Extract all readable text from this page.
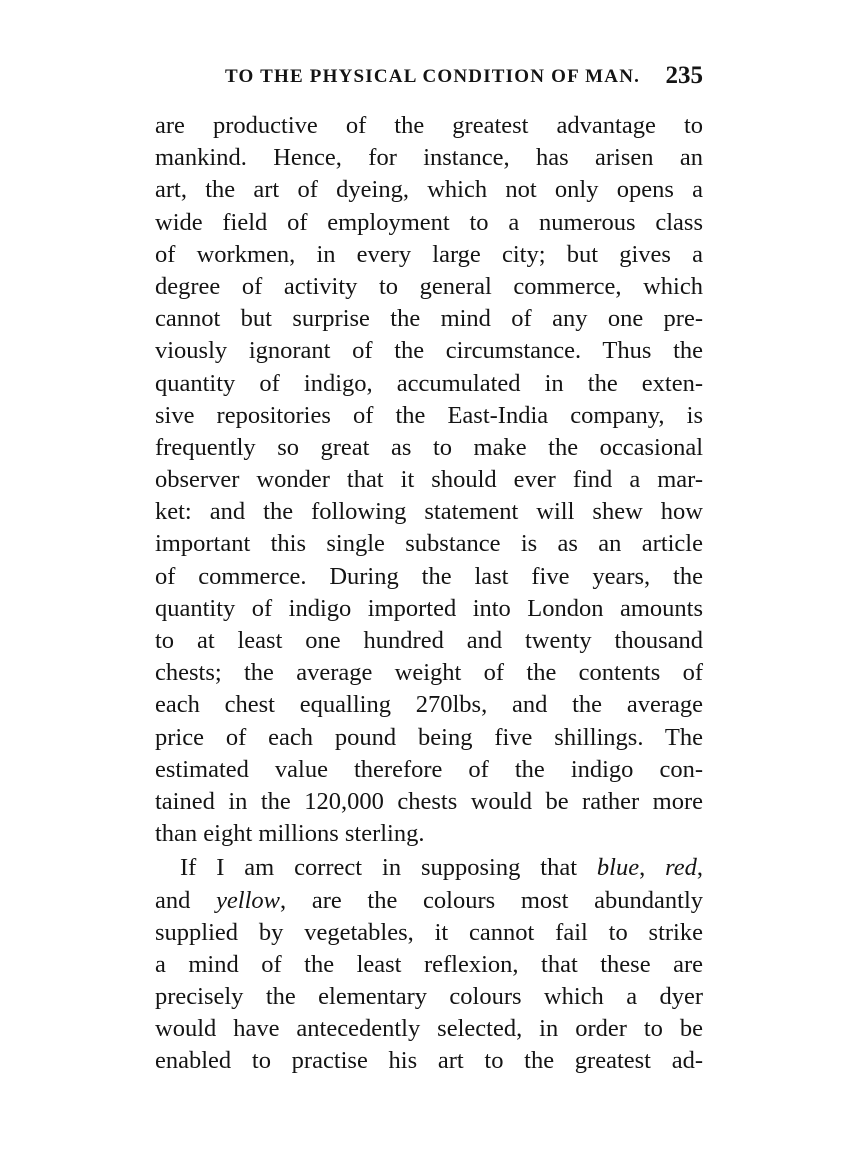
TO THE PHYSICAL CONDITION OF MAN. 235
are productive of the greatest advantage to
mankind. Hence, for instance, has arisen an
art, the art of dyeing, which not only opens a
wide field of employment to a numerous class
of workmen, in every large city; but gives a
degree of activity to general commerce, which
cannot but surprise the mind of any one pre-
viously ignorant of the circumstance. Thus the
quantity of indigo, accumulated in the exten-
sive repositories of the East-India company, is
frequently so great as to make the occasional
observer wonder that it should ever find a mar-
ket: and the following statement will shew how
important this single substance is as an article
of commerce. During the last five years, the
quantity of indigo imported into London amounts
to at least one hundred and twenty thousand
chests; the average weight of the contents of
each chest equalling 270lbs, and the average
price of each pound being five shillings. The
estimated value therefore of the indigo con-
tained in the 120,000 chests would be rather more
than eight millions sterling.
If I am correct in supposing that blue, red,
and yellow, are the colours most abundantly
supplied by vegetables, it cannot fail to strike
a mind of the least reflexion, that these are
precisely the elementary colours which a dyer
would have antecedently selected, in order to be
enabled to practise his art to the greatest ad-
